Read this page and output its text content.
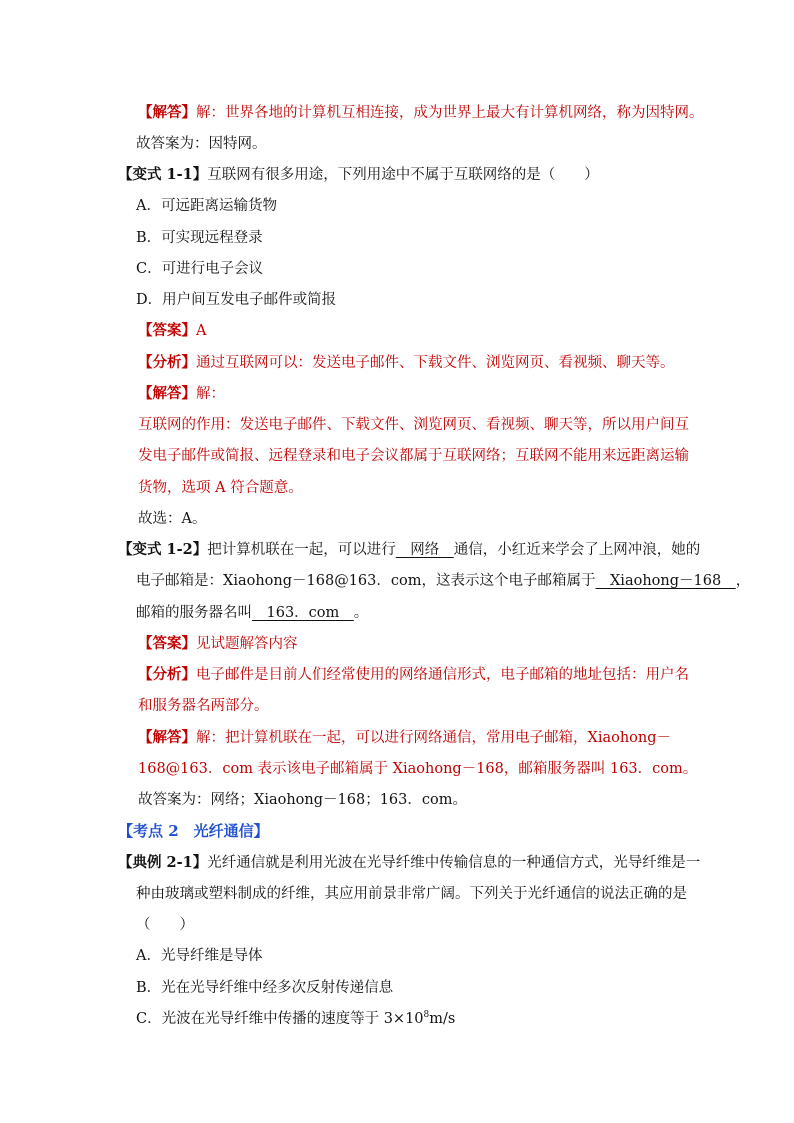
【解答】解：世界各地的计算机互相连接，成为世界上最大有计算机网络，称为因特网。
故答案为：因特网。
【变式 1-1】互联网有很多用途，下列用途中不属于互联网络的是（　　）
A．可远距离运输货物
B．可实现远程登录
C．可进行电子会议
D．用户间互发电子邮件或简报
【答案】A
【分析】通过互联网可以：发送电子邮件、下载文件、浏览网页、看视频、聊天等。
【解答】解：
互联网的作用：发送电子邮件、下载文件、浏览网页、看视频、聊天等，所以用户间互
发电子邮件或简报、远程登录和电子会议都属于互联网络；互联网不能用来远距离运输
货物，选项 A 符合题意。
故选：A。
【变式 1-2】把计算机联在一起，可以进行　网络　通信，小红近来学会了上网冲浪，她的
电子邮箱是：Xiaohong－168@163．com，这表示这个电子邮箱属于　Xiaohong－168　，
邮箱的服务器名叫　163．com　。
【答案】见试题解答内容
【分析】电子邮件是目前人们经常使用的网络通信形式，电子邮箱的地址包括：用户名
和服务器名两部分。
【解答】解：把计算机联在一起，可以进行网络通信，常用电子邮箱，Xiaohong－
168@163．com 表示该电子邮箱属于 Xiaohong－168，邮箱服务器叫 163．com。
故答案为：网络；Xiaohong－168；163．com。
【考点 2　光纤通信】
【典例 2-1】光纤通信就是利用光波在光导纤维中传输信息的一种通信方式，光导纤维是一
种由玻璃或塑料制成的纤维，其应用前景非常广阔。下列关于光纤通信的说法正确的是
（　　）
A．光导纤维是导体
B．光在光导纤维中经多次反射传递信息
C．光波在光导纤维中传播的速度等于 $3\times 10^8m/s$
